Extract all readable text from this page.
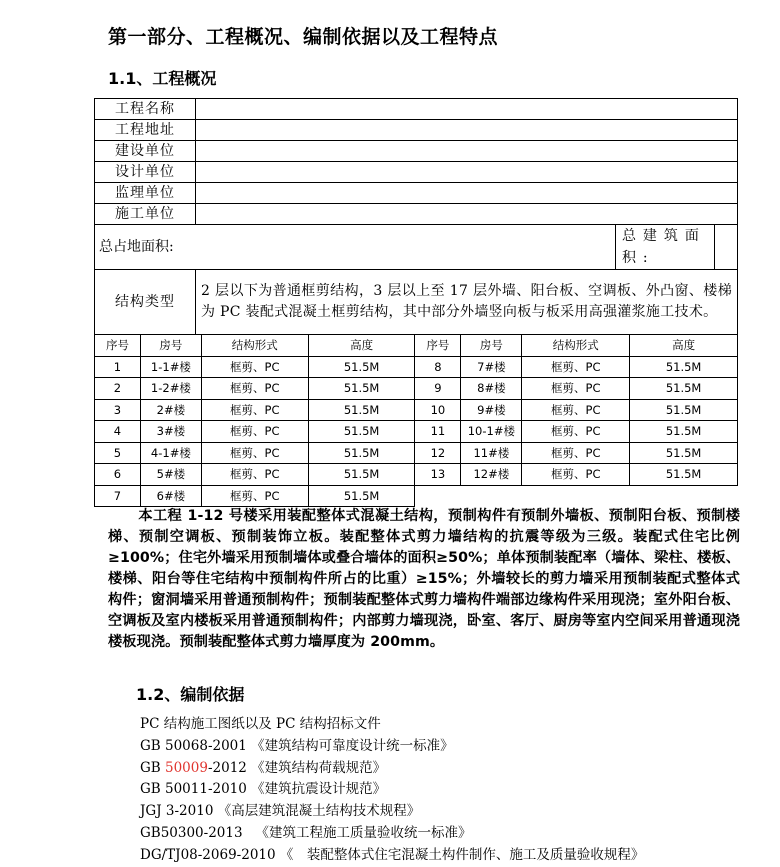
第一部分、工程概况、编制依据以及工程特点
1.1、工程概况
工程名称			
工程地址			
建设单位			
设计单位			
监理单位			
施工单位			
总占地面积:		总建筑面积:	
结构类型	2 层以下为普通框剪结构，3 层以上至 17 层外墙、阳台板、空调板、外凸窗、楼梯为 PC 装配式混凝土框剪结构，其中部分外墙竖向板与板采用高强灌浆施工技术。		
序号	房号	结构形式	高度	序号	房号	结构形式	高度
1	1-1#楼	框剪、PC	51.5M	8	7#楼	框剪、PC	51.5M
2	1-2#楼	框剪、PC	51.5M	9	8#楼	框剪、PC	51.5M
3	2#楼	框剪、PC	51.5M	10	9#楼	框剪、PC	51.5M
4	3#楼	框剪、PC	51.5M	11	10-1#楼	框剪、PC	51.5M
5	4-1#楼	框剪、PC	51.5M	12	11#楼	框剪、PC	51.5M
6	5#楼	框剪、PC	51.5M	13	12#楼	框剪、PC	51.5M
7	6#楼	框剪、PC	51.5M				
本工程 1-12 号楼采用装配整体式混凝土结构，预制构件有预制外墙板、预制阳台板、预制楼梯、预制空调板、预制装饰立板。装配整体式剪力墙结构的抗震等级为三级。装配式住宅比例≥100%；住宅外墙采用预制墙体或叠合墙体的面积≥50%；单体预制装配率（墙体、梁柱、楼板、楼梯、阳台等住宅结构中预制构件所占的比重）≥15%；外墙较长的剪力墙采用预制装配式整体式构件；窗洞墙采用普通预制构件；预制装配整体式剪力墙构件端部边缘构件采用现浇；室外阳台板、空调板及室内楼板采用普通预制构件；内部剪力墙现浇，卧室、客厅、厨房等室内空间采用普通现浇楼板现浇。预制装配整体式剪力墙厚度为 200mm。
1.2、编制依据
PC 结构施工图纸以及 PC 结构招标文件
GB 50068-2001 《建筑结构可靠度设计统一标准》
GB 50009-2012 《建筑结构荷载规范》
GB 50011-2010 《建筑抗震设计规范》
JGJ 3-2010 《高层建筑混凝土结构技术规程》
GB50300-2013 《建筑工程施工质量验收统一标准》
DG/TJ08-2069-2010 《　装配整体式住宅混凝土构件制作、施工及质量验收规程》
